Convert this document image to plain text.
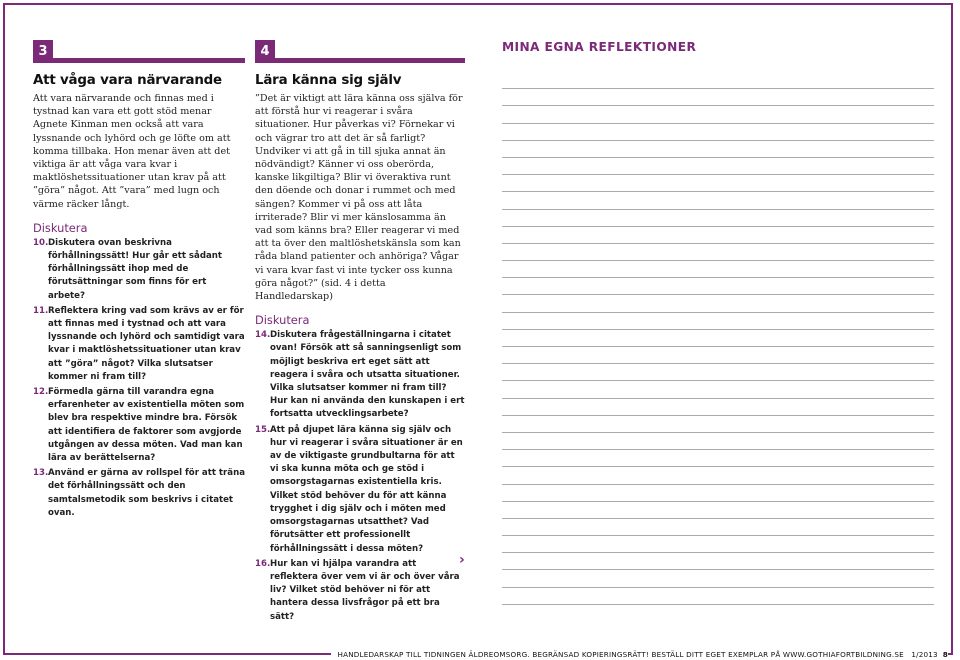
3
Att våga vara närvarande

Att vara närvarande och finnas med i tystnad kan vara ett gott stöd menar Agnete Kinman men också att vara lyssnande och lyhörd och ge löfte om att komma tillbaka. Hon menar även att det viktiga är att våga vara kvar i maktlöshetssituationer utan krav på att ”göra” något. Att ”vara” med lugn och värme räcker långt.

Diskutera
10. Diskutera ovan beskrivna förhållningssätt! Hur går ett sådant förhållningssätt ihop med de förutsättningar som finns för ert arbete?
11. Reflektera kring vad som krävs av er för att finnas med i tystnad och att vara lyssnande och lyhörd och samtidigt vara kvar i maktlöshetssituationer utan krav att ”göra” något? Vilka slutsatser kommer ni fram till?
12. Förmedla gärna till varandra egna erfarenheter av existentiella möten som blev bra respektive mindre bra. Försök att identifiera de faktorer som avgjorde utgången av dessa möten. Vad man kan lära av berättelserna?
13. Använd er gärna av rollspel för att träna det förhållningssätt och den samtalsmetodik som beskrivs i citatet ovan.
4
Lära känna sig själv

”Det är viktigt att lära känna oss själva för att förstå hur vi reagerar i svåra situationer. Hur påverkas vi? Förnekar vi och vägrar tro att det är så farligt? Undviker vi att gå in till sjuka annat än nödvändigt? Känner vi oss oberörda, kanske likgiltiga? Blir vi överaktiva runt den döende och donar i rummet och med sängen? Kommer vi på oss att låta irriterade? Blir vi mer känslosamma än vad som känns bra? Eller reagerar vi med att ta över den maltlöshetskänsla som kan råda bland patienter och anhöriga? Vågar vi vara kvar fast vi inte tycker oss kunna göra något?” (sid. 4 i detta Handledarskap)

Diskutera
14. Diskutera frågeställningarna i citatet ovan! Försök att så sanningsenligt som möjligt beskriva ert eget sätt att reagera i svåra och utsatta situationer. Vilka slutsatser kommer ni fram till? Hur kan ni använda den kunskapen i ert fortsatta utvecklingsarbete?
15. Att på djupet lära känna sig själv och hur vi reagerar i svåra situationer är en av de viktigaste grundbultarna för att vi ska kunna möta och ge stöd i omsorgstagarnas existentiella kris. Vilket stöd behöver du för att känna trygghet i dig själv och i möten med omsorgstagarnas utsatthet? Vad förutsätter ett professionellt förhållningssätt i dessa möten?
16. Hur kan vi hjälpa varandra att reflektera över vem vi är och över våra liv? Vilket stöd behöver ni för att hantera dessa livsfrågor på ett bra sätt?
›
MINA EGNA REFLEKTIONER
HANDLEDARSKAP TILL TIDNINGEN ÄLDREOMSORG. BEGRÄNSAD KOPIERINGSRÄTT! BESTÄLL DITT EGET EXEMPLAR PÅ WWW.GOTHIAFORTBILDNING.SE 1/2013 8
